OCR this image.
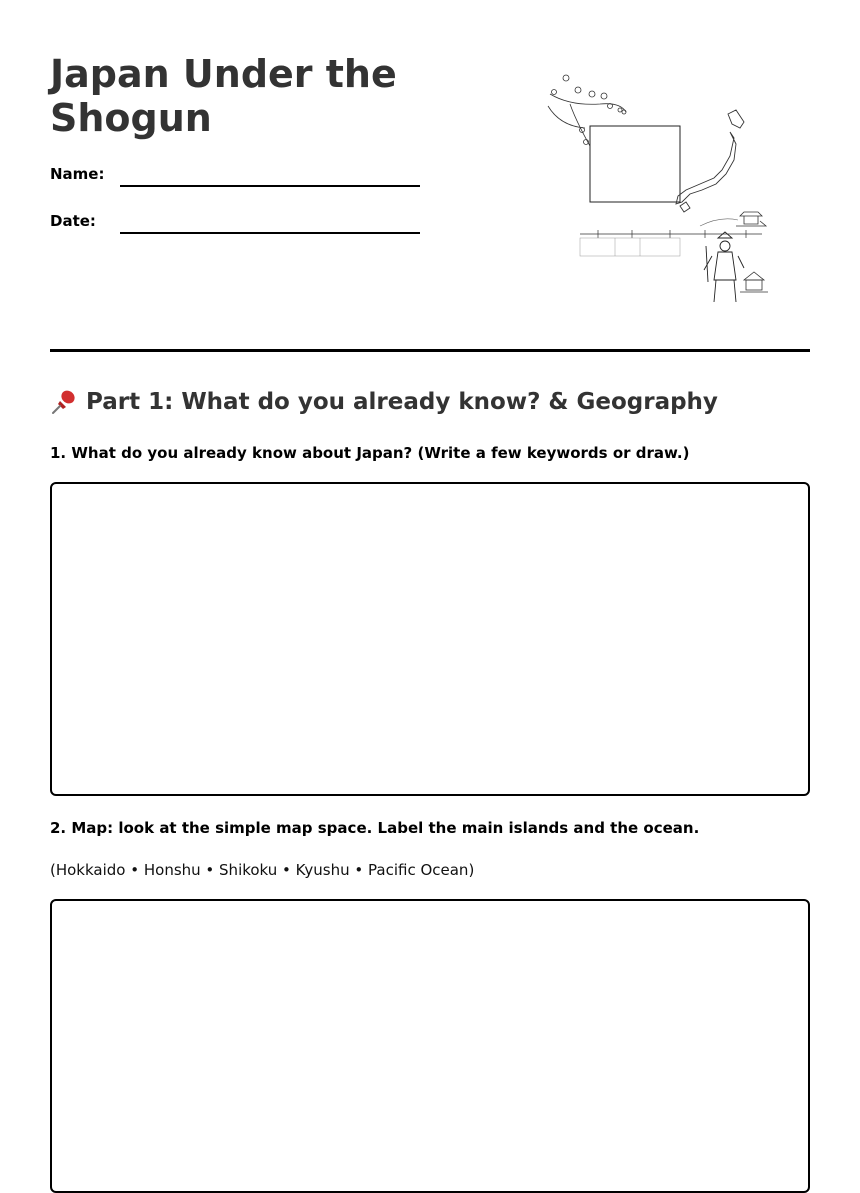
Japan Under the Shogun
Name:
Date:
Part 1: What do you already know? & Geography

1. What do you already know about Japan? (Write a few keywords or draw.)

2. Map: look at the simple map space. Label the main islands and the ocean.

(Hokkaido • Honshu • Shikoku • Kyushu • Pacific Ocean)
